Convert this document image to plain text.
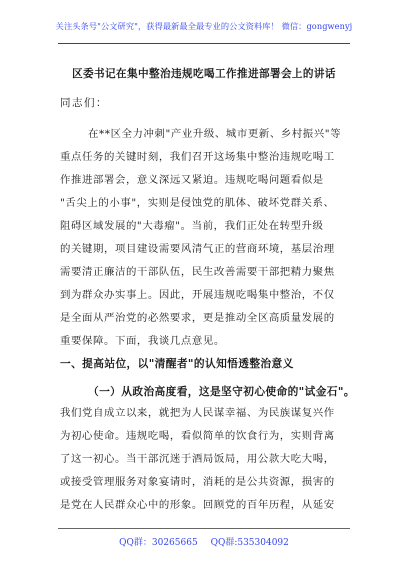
关注头条号"公文研究"，获得最新最全最专业的公文资料库！ 微信：gongwenyj
区委书记在集中整治违规吃喝工作推进部署会上的讲话
同志们：
在**区全力冲刺"产业升级、城市更新、乡村振兴"等
重点任务的关键时刻，我们召开这场集中整治违规吃喝工
作推进部署会，意义深远又紧迫。违规吃喝问题看似是
"舌尖上的小事"，实则是侵蚀党的肌体、破坏党群关系、
阻碍区域发展的"大毒瘤"。当前，我们正处在转型升级
的关键期，项目建设需要风清气正的营商环境，基层治理
需要清正廉洁的干部队伍，民生改善需要干部把精力聚焦
到为群众办实事上。因此，开展违规吃喝集中整治，不仅
是全面从严治党的必然要求，更是推动全区高质量发展的
重要保障。下面，我谈几点意见。
一、提高站位，以"清醒者"的认知悟透整治意义
（一）从政治高度看，这是坚守初心使命的"试金石"。
我们党自成立以来，就把为人民谋幸福、为民族谋复兴作
为初心使命。违规吃喝，看似简单的饮食行为，实则背离
了这一初心。当干部沉迷于酒局饭局，用公款大吃大喝，
或接受管理服务对象宴请时，消耗的是公共资源，损害的
是党在人民群众心中的形象。回顾党的百年历程，从延安
QQ群：30265665 QQ群:535304092
